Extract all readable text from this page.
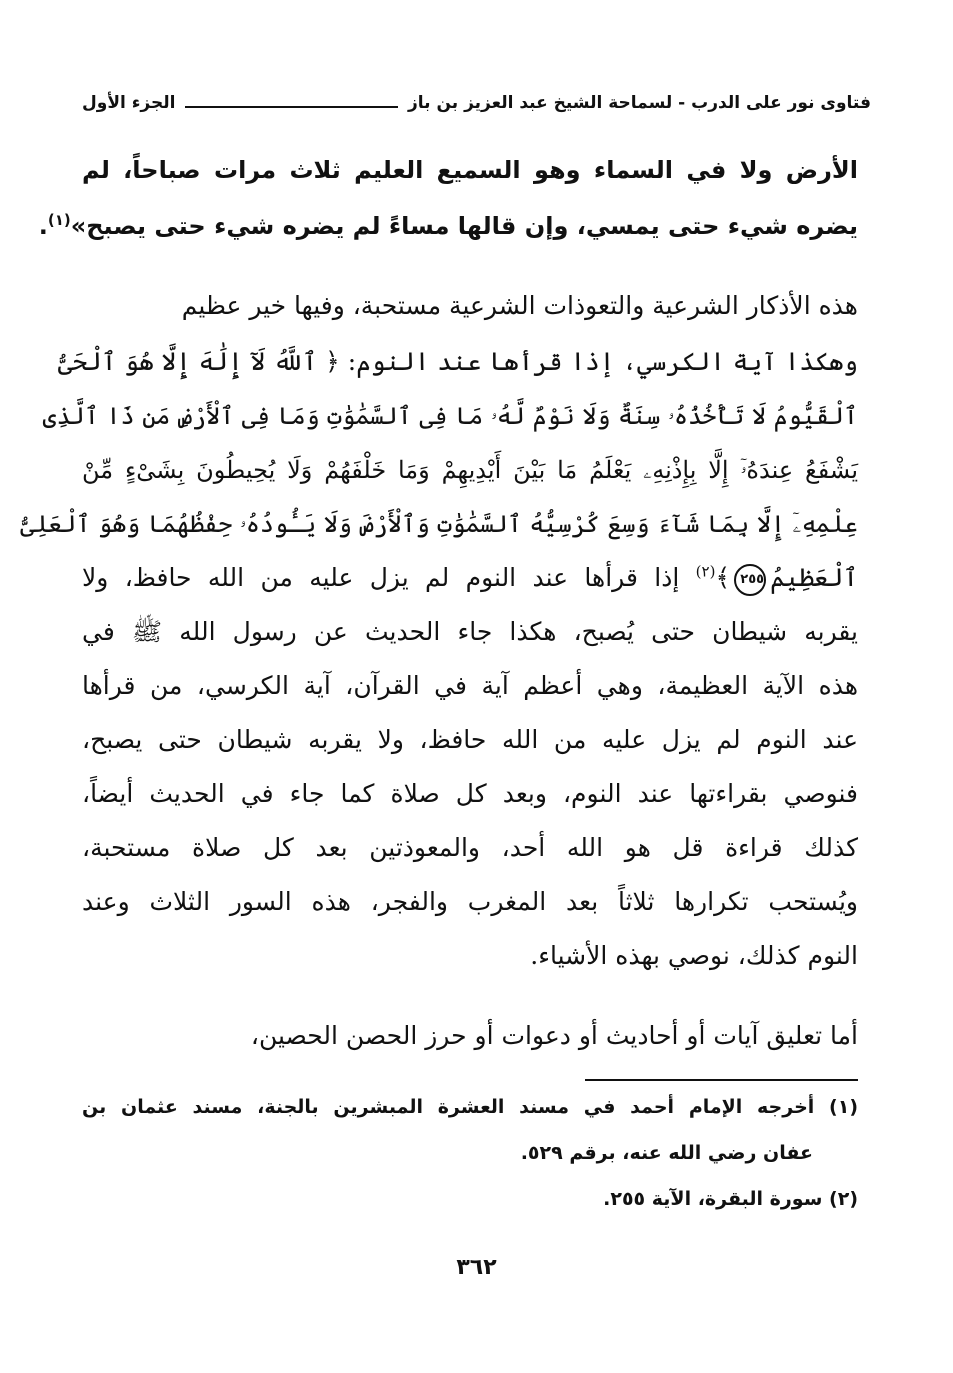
فتاوى نور على الدرب - لسماحة الشيخ عبد العزيز بن باز
الجزء الأول
الأرض ولا في السماء وهو السميع العليم ثلاث مرات صباحاً، لم
يضره شيء حتى يمسي، وإن قالها مساءً لم يضره شيء حتى يصبح»$^{(١)}$.
هذه الأذكار الشرعية والتعوذات الشرعية مستحبة، وفيها خير عظيم
وهكذا آية الكرسي، إذا قرأها عند النوم: ﴿ ٱللَّهُ لَآ إِلَٰهَ إِلَّا هُوَ ٱلْحَىُّ
ٱلْقَيُّومُ لَا تَأْخُذُهُۥ سِنَةٌ وَلَا نَوْمٌ لَّهُۥ مَا فِى ٱلسَّمَٰوَٰتِ وَمَا فِى ٱلْأَرْضِ مَن ذَا ٱلَّذِى
يَشْفَعُ عِندَهُۥٓ إِلَّا بِإِذْنِهِۦ يَعْلَمُ مَا بَيْنَ أَيْدِيهِمْ وَمَا خَلْفَهُمْ وَلَا يُحِيطُونَ بِشَىْءٍ مِّنْ
عِلْمِهِۦٓ إِلَّا بِمَا شَآءَ وَسِعَ كُرْسِيُّهُ ٱلسَّمَٰوَٰتِ وَٱلْأَرْضَ وَلَا يَـُٔودُهُۥ حِفْظُهُمَا وَهُوَ ٱلْعَلِىُّ
ٱلْعَظِيمُ٢٥٥﴾$^{(٢)}$ إذا قرأها عند النوم لم يزل عليه من الله حافظ، ولا
يقربه شيطان حتى يُصبح، هكذا جاء الحديث عن رسول الله ﷺ في
هذه الآية العظيمة، وهي أعظم آية في القرآن، آية الكرسي، من قرأها
عند النوم لم يزل عليه من الله حافظ، ولا يقربه شيطان حتى يصبح،
فنوصي بقراءتها عند النوم، وبعد كل صلاة كما جاء في الحديث أيضاً،
كذلك قراءة قل هو الله أحد، والمعوذتين بعد كل صلاة مستحبة،
ويُستحب تكرارها ثلاثاً بعد المغرب والفجر، هذه السور الثلاث وعند
النوم كذلك، نوصي بهذه الأشياء.
أما تعليق آيات أو أحاديث أو دعوات أو حرز الحصن الحصين،
(١) أخرجه الإمام أحمد في مسند العشرة المبشرين بالجنة، مسند عثمان بن
عفان رضي الله عنه، برقم ٥٢٩.
(٢) سورة البقرة، الآية ٢٥٥.
٣٦٢
